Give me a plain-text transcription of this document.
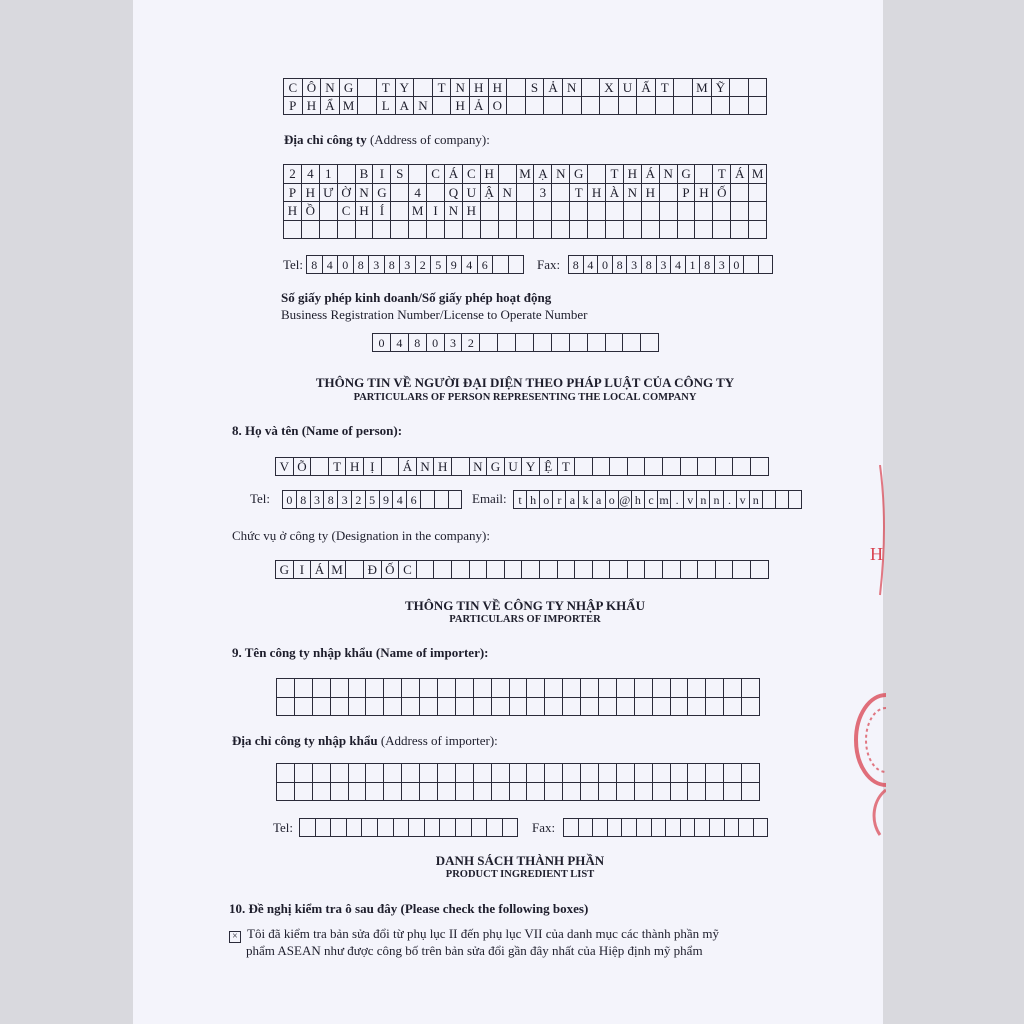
C Ô N G	T Y	T N H H	S Ả N	X U Ấ T	M Ỹ
P H Ẩ M	L A N	H Ả O
Địa chỉ công ty (Address of company):
2 4 1	B I S	C Á C H	M Ạ N G	T H Á N G	T Á M
P H Ư Ờ N G	4	Q U Ậ N	3	T H À N H	P H Ố
H Ồ	C H Í	M I N H
Tel: 8 4 0 8 3 8 3 2 5 9 4 6	Fax:	8 4 0 8 3 8 3 4 1 8 3 0
Số giấy phép kinh doanh/Số giấy phép hoạt động
Business Registration Number/License to Operate Number
0 4 8 0 3 2
THÔNG TIN VỀ NGƯỜI ĐẠI DIỆN THEO PHÁP LUẬT CỦA CÔNG TY
PARTICULARS OF PERSON REPRESENTING THE LOCAL COMPANY
8. Họ và tên (Name of person):
V Õ	T H Ị	Á N H	N G U Y Ệ T
Tel: 0 8 3 8 3 2 5 9 4 6	Email: t h o r a k a o @ h c m . v n n . v n
Chức vụ ở công ty (Designation in the company):
G I Á M Đ Ố C
THÔNG TIN VỀ CÔNG TY NHẬP KHẨU
PARTICULARS OF IMPORTER
9. Tên công ty nhập khẩu (Name of importer):
Địa chỉ công ty nhập khẩu (Address of importer):
Tel:	Fax:
DANH SÁCH THÀNH PHẦN
PRODUCT INGREDIENT LIST
10. Đề nghị kiểm tra ô sau đây (Please check the following boxes)
× Tôi đã kiểm tra bản sửa đổi từ phụ lục II đến phụ lục VII của danh mục các thành phần mỹ
phẩm ASEAN như được công bố trên bản sửa đổi gần đây nhất của Hiệp định mỹ phẩm
H
